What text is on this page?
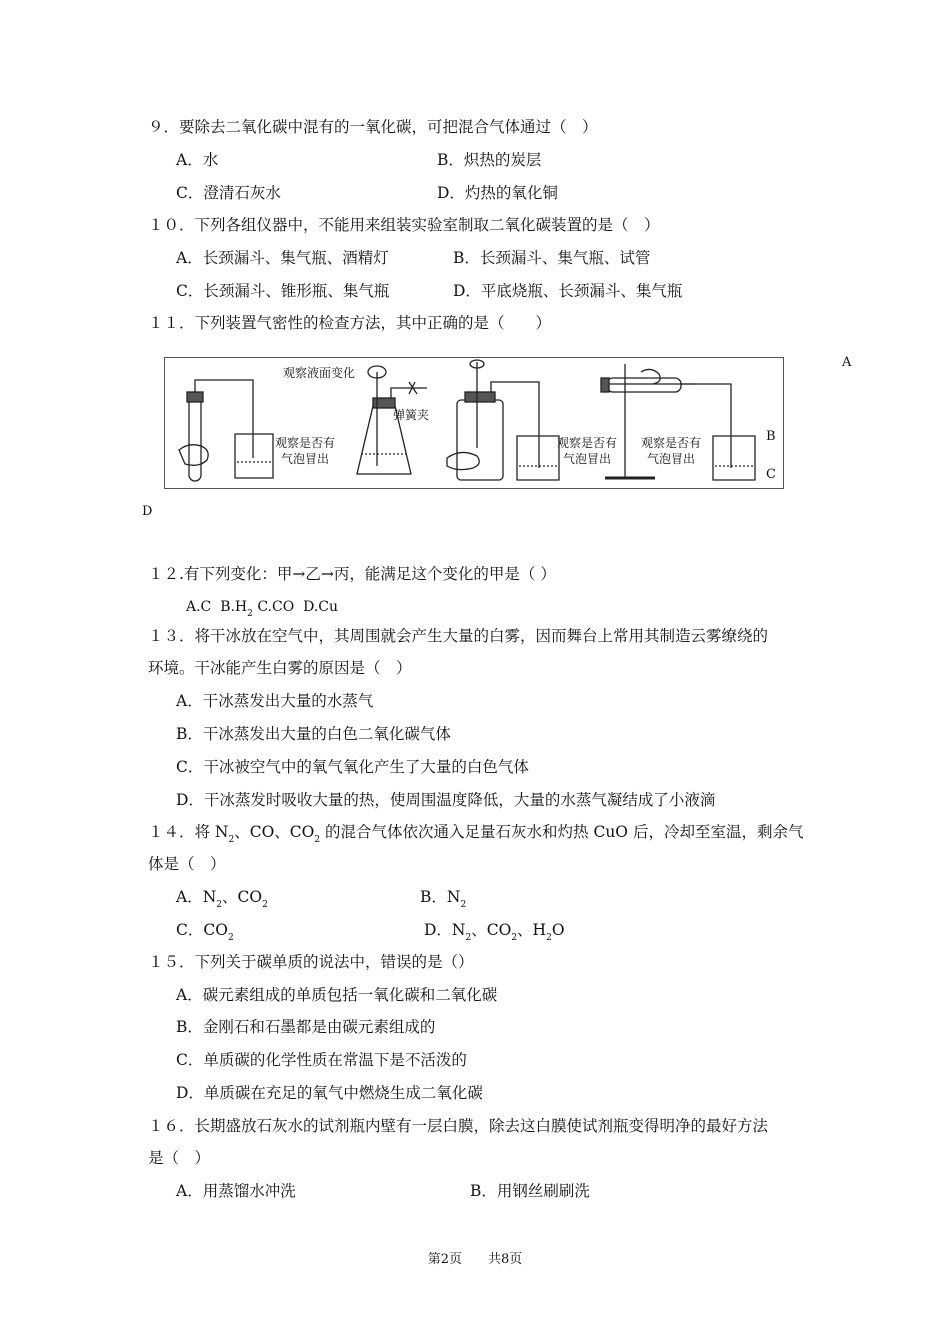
９．要除去二氧化碳中混有的一氧化碳，可把混合气体通过（　）
A．水	B．炽热的炭层
C．澄清石灰水	D．灼热的氧化铜
１０．下列各组仪器中，不能用来组装实验室制取二氧化碳装置的是（　）
A．长颈漏斗、集气瓶、酒精灯	B．长颈漏斗、集气瓶、试管
C．长颈漏斗、锥形瓶、集气瓶	D．平底烧瓶、长颈漏斗、集气瓶
１１．下列装置气密性的检查方法，其中正确的是（　　）
观察液面变化
弹簧夹
观察是否有
气泡冒出
观察是否有
气泡冒出
观察是否有
气泡冒出
A
B
C
D
１２.有下列变化：甲→乙→丙，能满足这个变化的甲是（ ）
A.C $B.H_2$ C.CO D.Cu
１３．将干冰放在空气中，其周围就会产生大量的白雾，因而舞台上常用其制造云雾缭绕的
环境。干冰能产生白雾的原因是（　）
A．干冰蒸发出大量的水蒸气
B．干冰蒸发出大量的白色二氧化碳气体
C．干冰被空气中的氧气氧化产生了大量的白色气体
D．干冰蒸发时吸收大量的热，使周围温度降低，大量的水蒸气凝结成了小液滴
１４．将 $N_2$、CO、$CO_2$ 的混合气体依次通入足量石灰水和灼热 CuO 后，冷却至室温，剩余气
体是（　）
A．$N_2$、$CO_2$	B．$N_2$
C．$CO_2$	D．$N_2$、$CO_2$、$H_2O$
１５．下列关于碳单质的说法中，错误的是（）
A．碳元素组成的单质包括一氧化碳和二氧化碳
B．金刚石和石墨都是由碳元素组成的
C．单质碳的化学性质在常温下是不活泼的
D．单质碳在充足的氧气中燃烧生成二氧化碳
１６．长期盛放石灰水的试剂瓶内壁有一层白膜，除去这白膜使试剂瓶变得明净的最好方法
是（　）
A．用蒸馏水冲洗	B．用钢丝刷刷洗
第2页　　共8页
